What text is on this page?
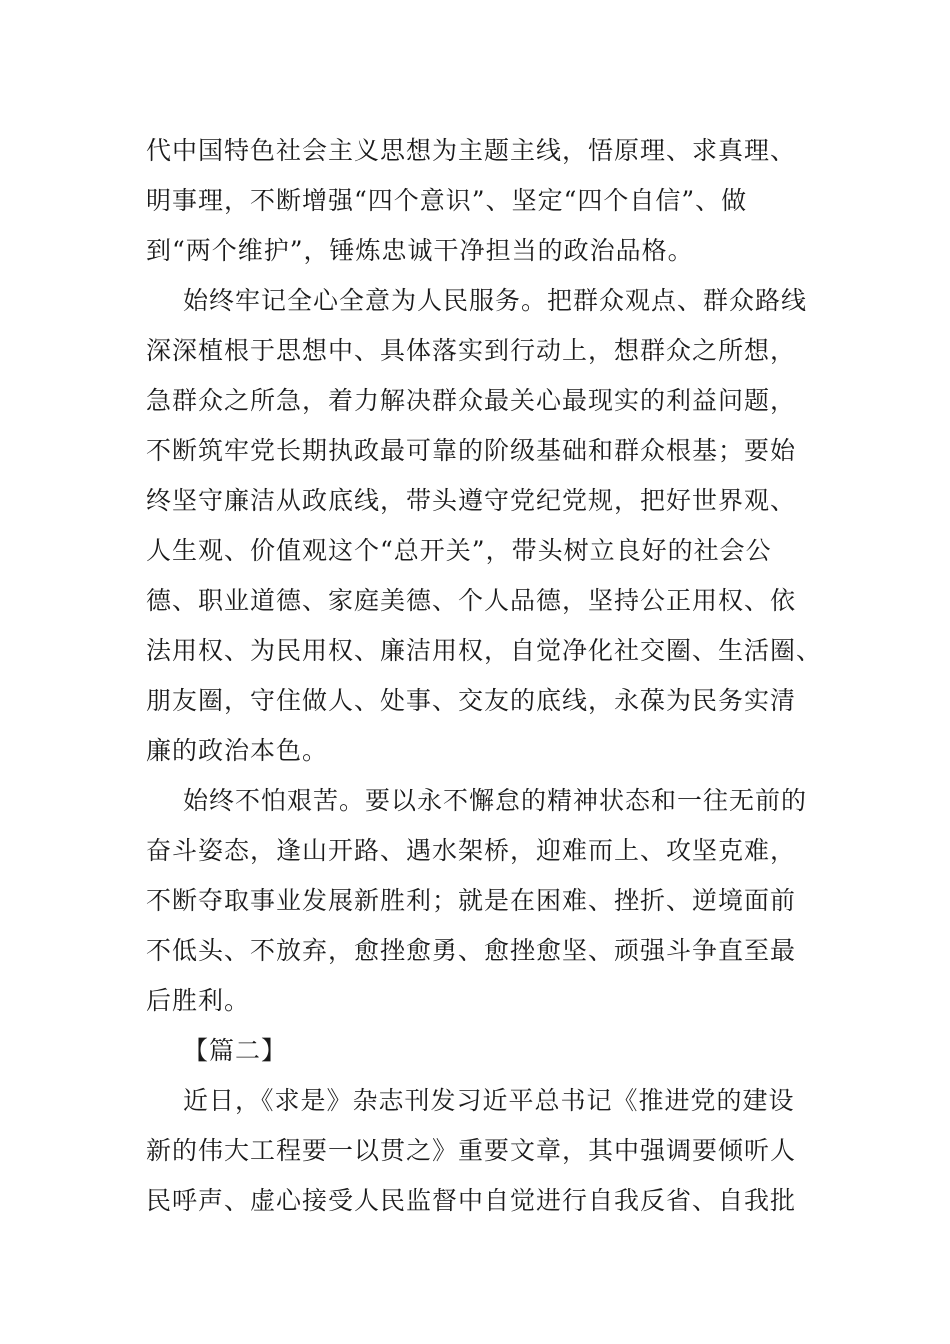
代中国特色社会主义思想为主题主线，悟原理、求真理、
明事理，不断增强“四个意识”、坚定“四个自信”、做
到“两个维护”，锤炼忠诚干净担当的政治品格。
始终牢记全心全意为人民服务。把群众观点、群众路线
深深植根于思想中、具体落实到行动上，想群众之所想，
急群众之所急，着力解决群众最关心最现实的利益问题，
不断筑牢党长期执政最可靠的阶级基础和群众根基；要始
终坚守廉洁从政底线，带头遵守党纪党规，把好世界观、
人生观、价值观这个“总开关”，带头树立良好的社会公
德、职业道德、家庭美德、个人品德，坚持公正用权、依
法用权、为民用权、廉洁用权，自觉净化社交圈、生活圈、
朋友圈，守住做人、处事、交友的底线，永葆为民务实清
廉的政治本色。
始终不怕艰苦。要以永不懈怠的精神状态和一往无前的
奋斗姿态，逢山开路、遇水架桥，迎难而上、攻坚克难，
不断夺取事业发展新胜利；就是在困难、挫折、逆境面前
不低头、不放弃，愈挫愈勇、愈挫愈坚、顽强斗争直至最
后胜利。
【篇二】
近日，《求是》杂志刊发习近平总书记《推进党的建设
新的伟大工程要一以贯之》重要文章，其中强调要倾听人
民呼声、虚心接受人民监督中自觉进行自我反省、自我批
